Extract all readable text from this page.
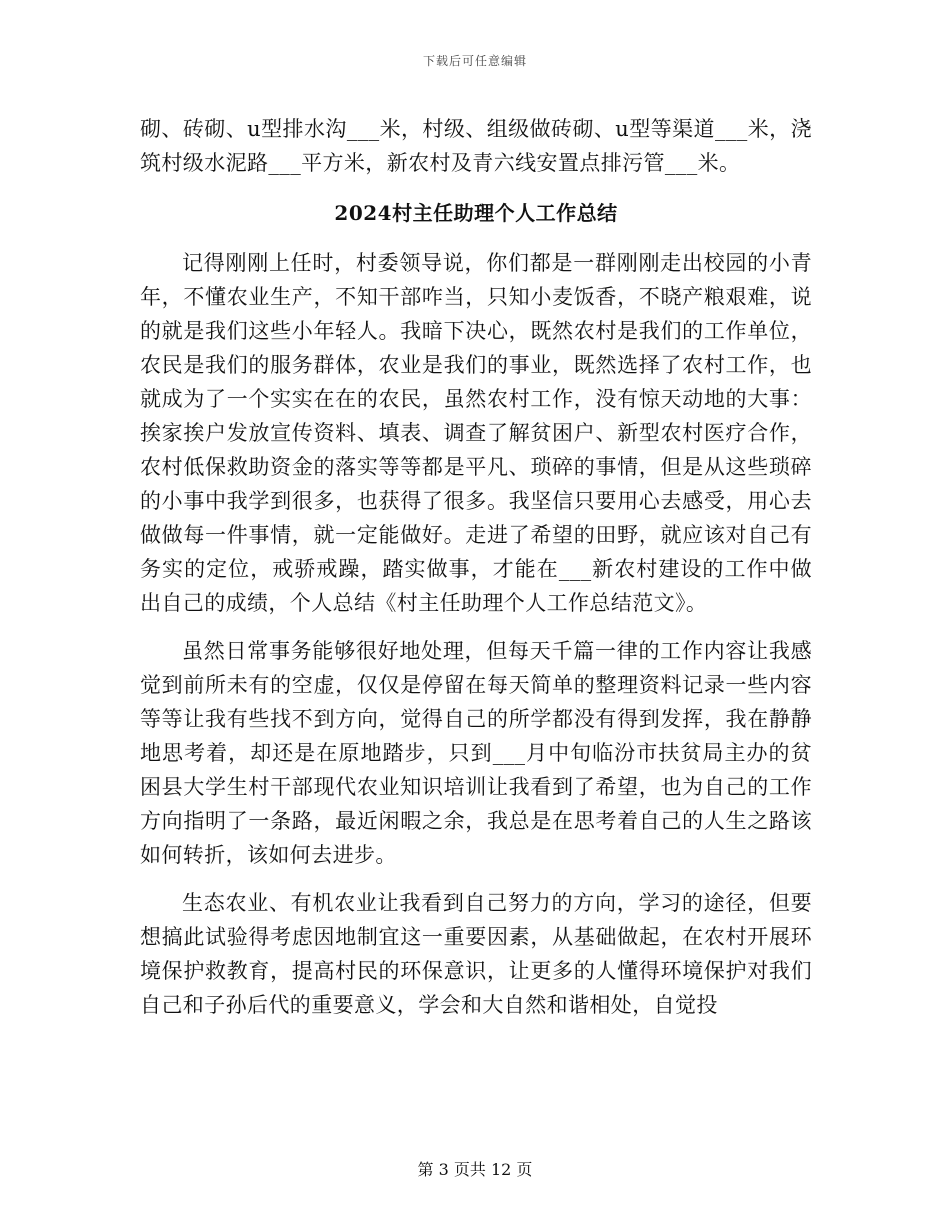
下载后可任意编辑

砌、砖砌、u型排水沟___米，村级、组级做砖砌、u型等渠道___米，浇筑村级水泥路___平方米，新农村及青六线安置点排污管___米。

2024村主任助理个人工作总结

记得刚刚上任时，村委领导说，你们都是一群刚刚走出校园的小青年，不懂农业生产，不知干部咋当，只知小麦饭香，不晓产粮艰难，说的就是我们这些小年轻人。我暗下决心，既然农村是我们的工作单位，农民是我们的服务群体，农业是我们的事业，既然选择了农村工作，也就成为了一个实实在在的农民，虽然农村工作，没有惊天动地的大事：挨家挨户发放宣传资料、填表、调查了解贫困户、新型农村医疗合作，农村低保救助资金的落实等等都是平凡、琐碎的事情，但是从这些琐碎的小事中我学到很多，也获得了很多。我坚信只要用心去感受，用心去做做每一件事情，就一定能做好。走进了希望的田野，就应该对自己有务实的定位，戒骄戒躁，踏实做事，才能在___新农村建设的工作中做出自己的成绩，个人总结《村主任助理个人工作总结范文》。

虽然日常事务能够很好地处理，但每天千篇一律的工作内容让我感觉到前所未有的空虚，仅仅是停留在每天简单的整理资料记录一些内容等等让我有些找不到方向，觉得自己的所学都没有得到发挥，我在静静地思考着，却还是在原地踏步，只到___月中旬临汾市扶贫局主办的贫困县大学生村干部现代农业知识培训让我看到了希望，也为自己的工作方向指明了一条路，最近闲暇之余，我总是在思考着自己的人生之路该如何转折，该如何去进步。

生态农业、有机农业让我看到自己努力的方向，学习的途径，但要想搞此试验得考虑因地制宜这一重要因素，从基础做起，在农村开展环境保护救教育，提高村民的环保意识，让更多的人懂得环境保护对我们自己和子孙后代的重要意义，学会和大自然和谐相处，自觉投

第 3 页共 12 页
